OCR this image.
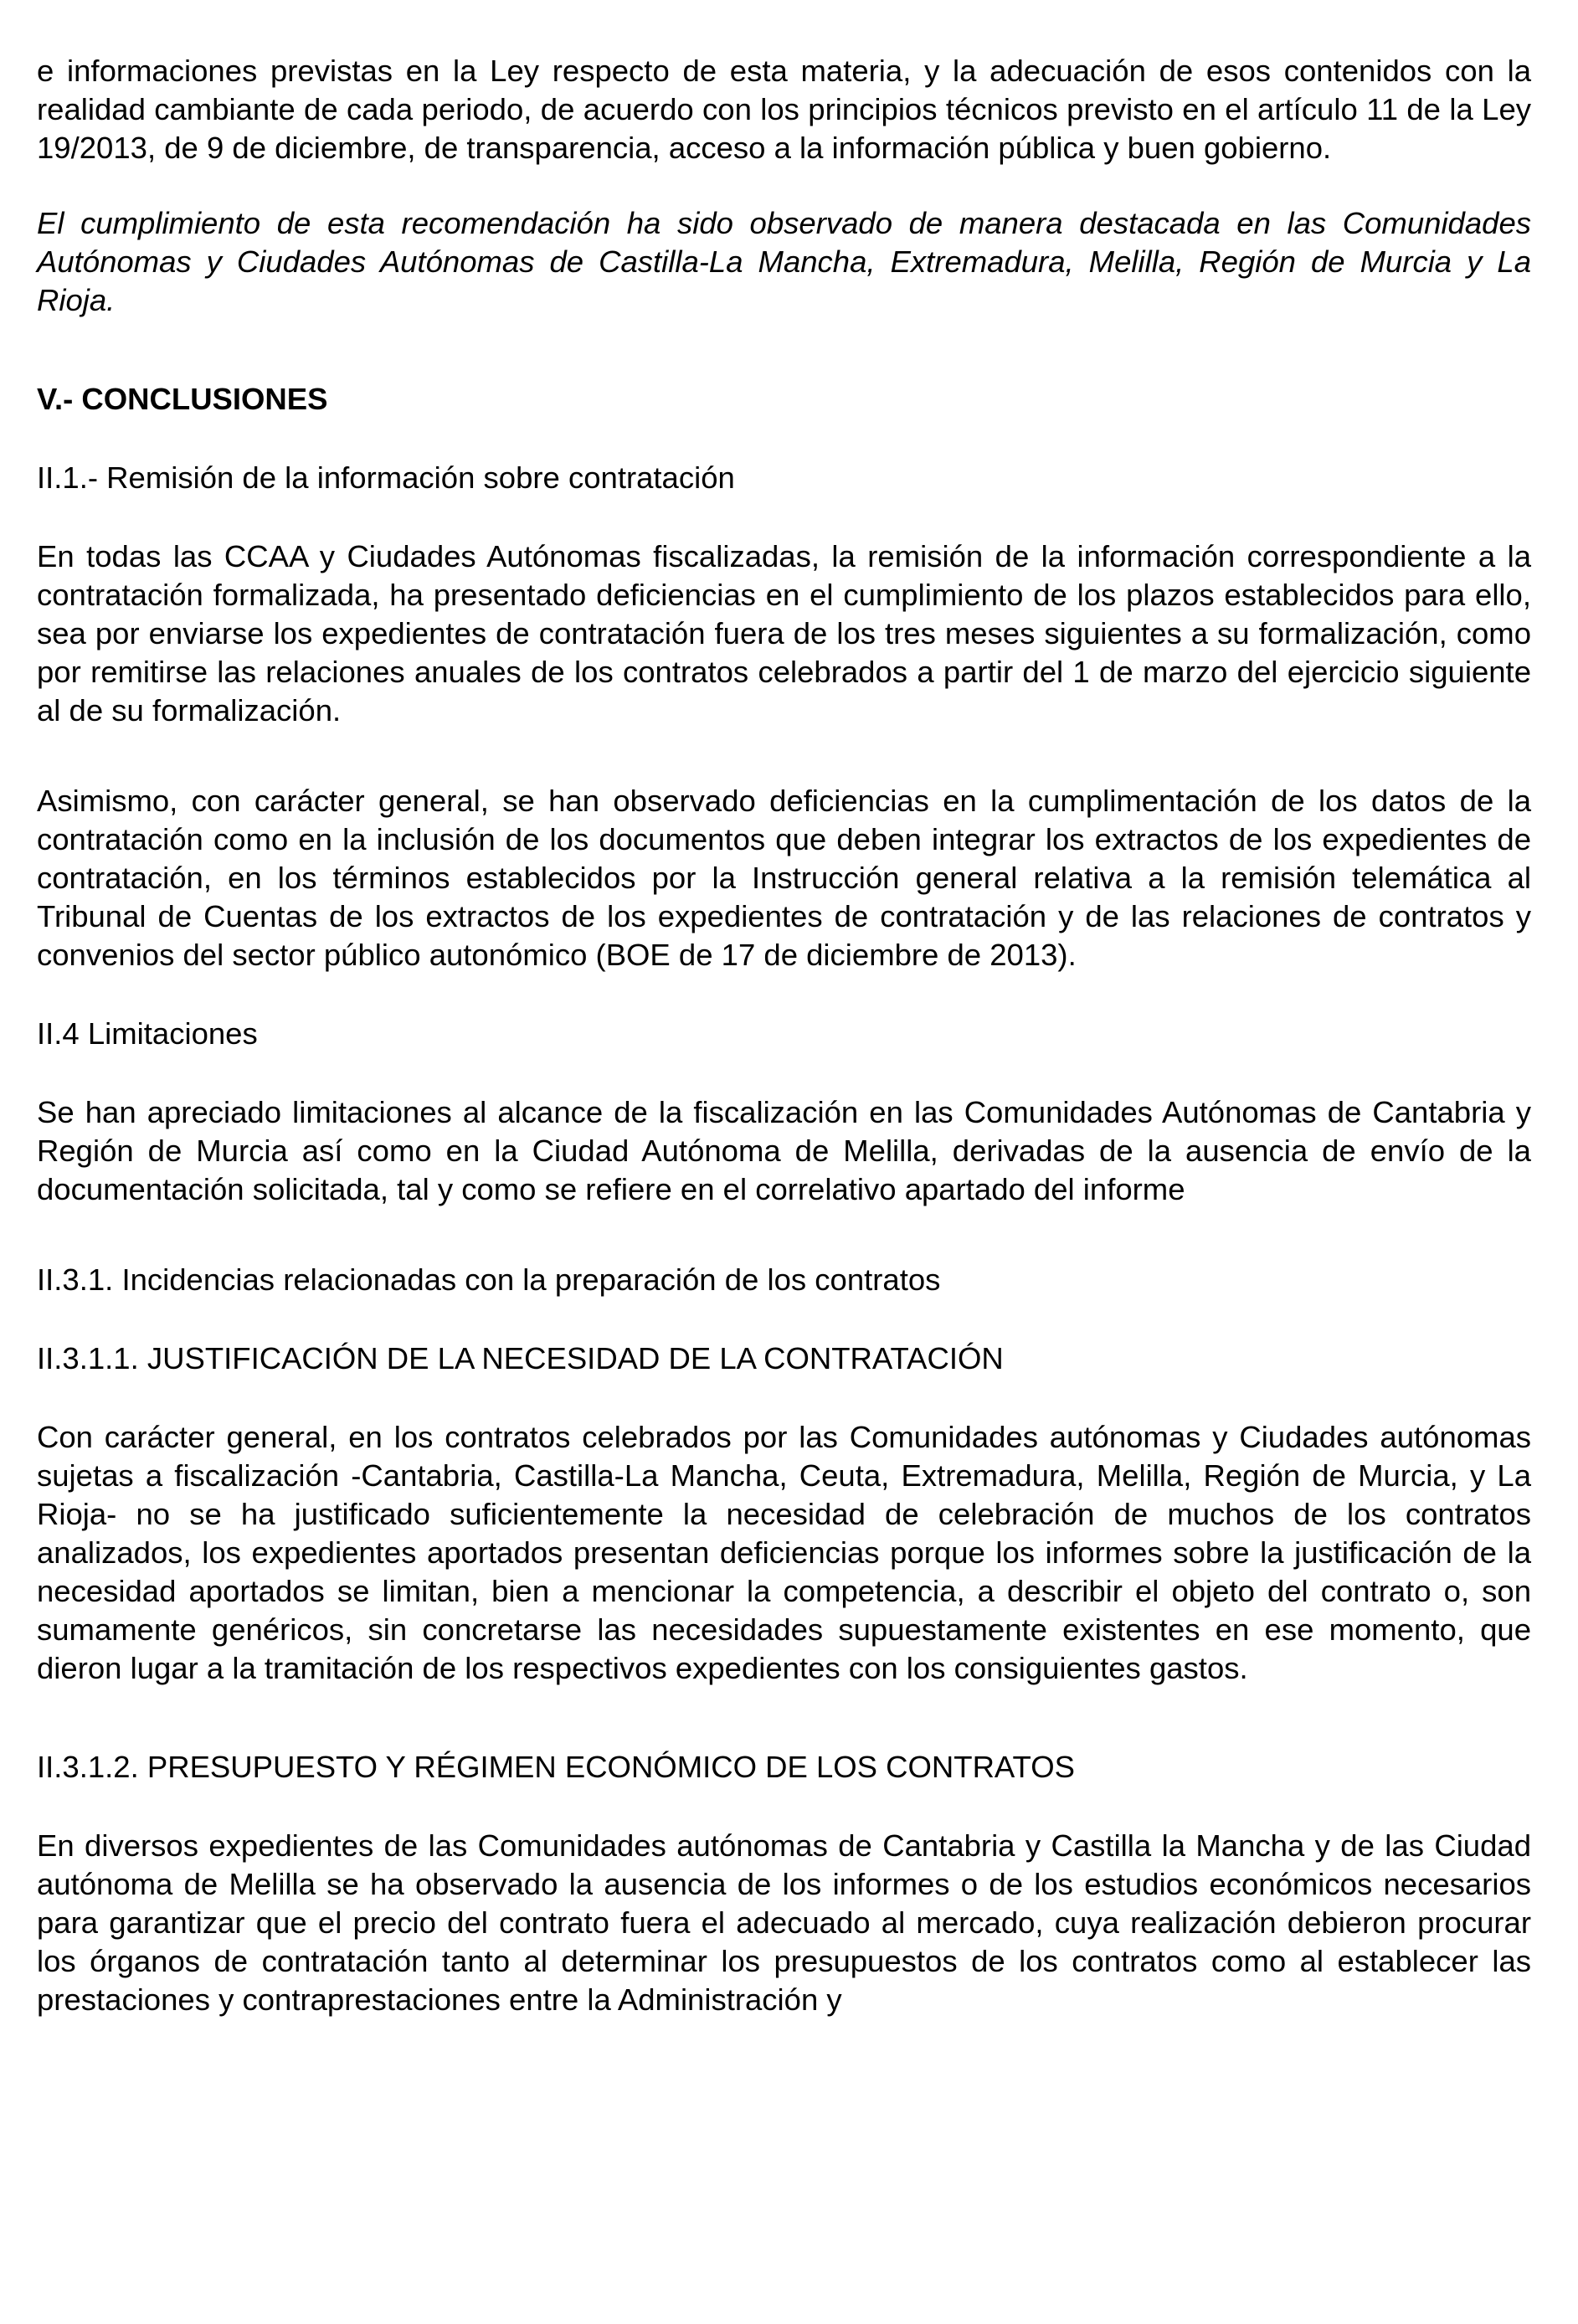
e informaciones previstas en la Ley respecto de esta materia, y la adecuación de esos contenidos con la realidad cambiante de cada periodo, de acuerdo con los principios técnicos previsto en el artículo 11 de la Ley 19/2013, de 9 de diciembre, de transparencia, acceso a la información pública y buen gobierno.

El cumplimiento de esta recomendación ha sido observado de manera destacada en las Comunidades Autónomas y Ciudades Autónomas de Castilla-La Mancha, Extremadura, Melilla, Región de Murcia y La Rioja.

V.- CONCLUSIONES

II.1.- Remisión de la información sobre contratación

En todas las CCAA y Ciudades Autónomas fiscalizadas, la remisión de la información correspondiente a la contratación formalizada, ha presentado deficiencias en el cumplimiento de los plazos establecidos para ello, sea por enviarse los expedientes de contratación fuera de los tres meses siguientes a su formalización, como por remitirse las relaciones anuales de los contratos celebrados a partir del 1 de marzo del ejercicio siguiente al de su formalización.

Asimismo, con carácter general, se han observado deficiencias en la cumplimentación de los datos de la contratación como en la inclusión de los documentos que deben integrar los extractos de los expedientes de contratación, en los términos establecidos por la Instrucción general relativa a la remisión telemática al Tribunal de Cuentas de los extractos de los expedientes de contratación y de las relaciones de contratos y convenios del sector público autonómico (BOE de 17 de diciembre de 2013).

II.4 Limitaciones

Se han apreciado limitaciones al alcance de la fiscalización en las Comunidades Autónomas de Cantabria y Región de Murcia así como en la Ciudad Autónoma de Melilla, derivadas de la ausencia de envío de la documentación solicitada, tal y como se refiere en el correlativo apartado del informe

II.3.1. Incidencias relacionadas con la preparación de los contratos

II.3.1.1. JUSTIFICACIÓN DE LA NECESIDAD DE LA CONTRATACIÓN

Con carácter general, en los contratos celebrados por las Comunidades autónomas y Ciudades autónomas sujetas a fiscalización -Cantabria, Castilla-La Mancha, Ceuta, Extremadura, Melilla, Región de Murcia, y La Rioja- no se ha justificado suficientemente la necesidad de celebración de muchos de los contratos analizados, los expedientes aportados presentan deficiencias porque los informes sobre la justificación de la necesidad aportados se limitan, bien a mencionar la competencia, a describir el objeto del contrato o, son sumamente genéricos, sin concretarse las necesidades supuestamente existentes en ese momento, que dieron lugar a la tramitación de los respectivos expedientes con los consiguientes gastos.

II.3.1.2. PRESUPUESTO Y RÉGIMEN ECONÓMICO DE LOS CONTRATOS

En diversos expedientes de las Comunidades autónomas de Cantabria y Castilla la Mancha y de las Ciudad autónoma de Melilla se ha observado la ausencia de los informes o de los estudios económicos necesarios para garantizar que el precio del contrato fuera el adecuado al mercado, cuya realización debieron procurar los órganos de contratación tanto al determinar los presupuestos de los contratos como al establecer las prestaciones y contraprestaciones entre la Administración y
